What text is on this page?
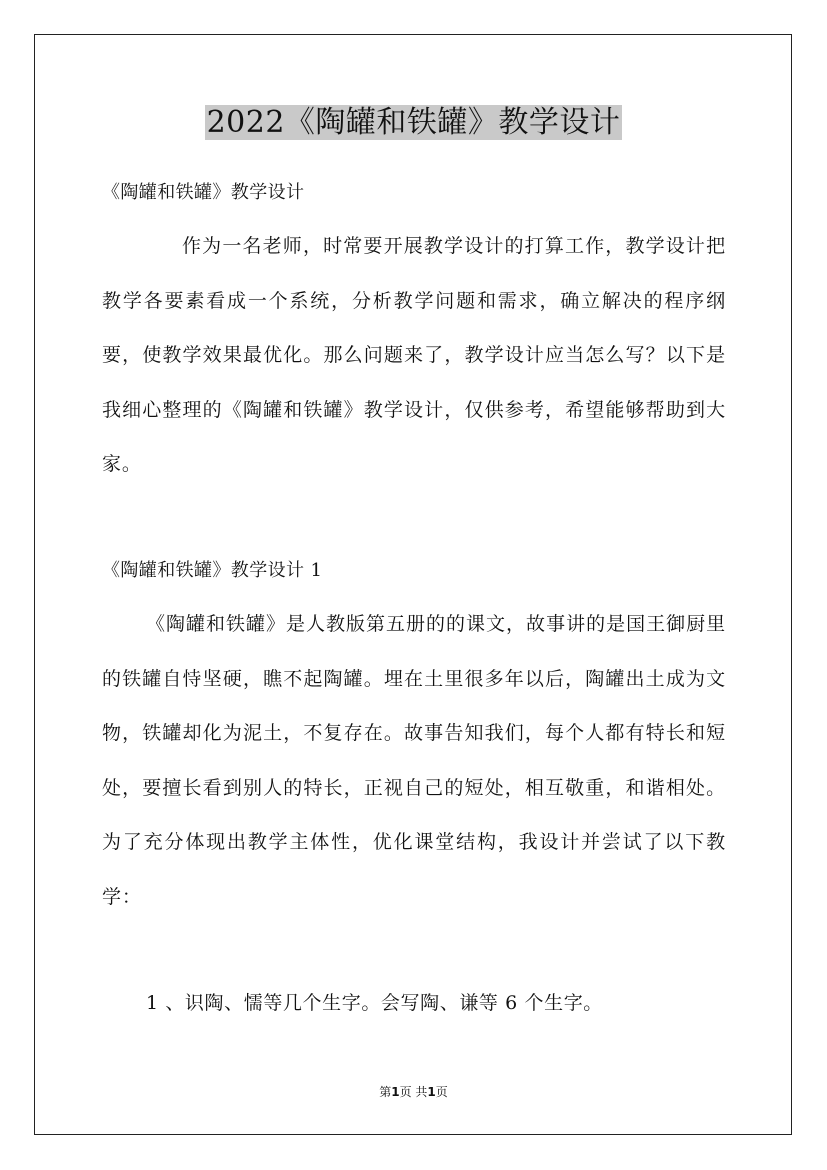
2022《陶罐和铁罐》教学设计
《陶罐和铁罐》教学设计
作为一名老师，时常要开展教学设计的打算工作，教学设计把教学各要素看成一个系统，分析教学问题和需求，确立解决的程序纲要，使教学效果最优化。那么问题来了，教学设计应当怎么写？以下是我细心整理的《陶罐和铁罐》教学设计，仅供参考，希望能够帮助到大家。
《陶罐和铁罐》教学设计 1
《陶罐和铁罐》是人教版第五册的的课文，故事讲的是国王御厨里的铁罐自恃坚硬，瞧不起陶罐。埋在土里很多年以后，陶罐出土成为文物，铁罐却化为泥土，不复存在。故事告知我们，每个人都有特长和短处，要擅长看到别人的特长，正视自己的短处，相互敬重，和谐相处。为了充分体现出教学主体性，优化课堂结构，我设计并尝试了以下教学：
1 、识陶、懦等几个生字。会写陶、谦等 6 个生字。
第1页 共1页
